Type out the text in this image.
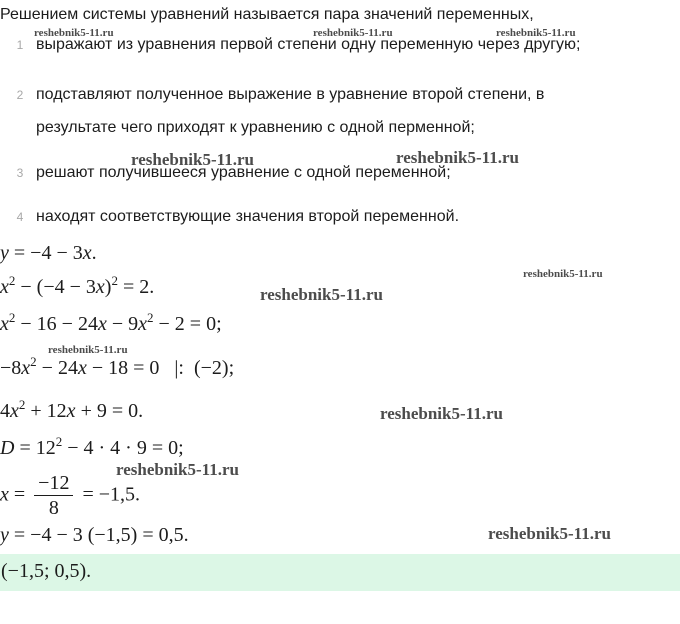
Решением системы уравнений называется пара значений переменных,
1 выражают из уравнения первой степени одну переменную через другую;
2 подставляют полученное выражение в уравнение второй степени, в
результате чего приходят к уравнению с одной перменной;
3 решают получившееся уравнение с одной переменной;
4 находят соответствующие значения второй переменной.
y = −4 − 3x.
$x^2 - (-4 - 3x)^2 = 2$.
$x^2 - 16 - 24x - 9x^2 - 2 = 0$;
$-8x^2 - 24x - 18 = 0$   |:  (−2);
$4x^2 + 12x + 9 = 0$.
$D = 12^2 - 4 \cdot 4 \cdot 9 = 0$;
$x = \frac{-12}{8} = -1,5$.
y = −4 − 3 (−1,5) = 0,5.
(−1,5; 0,5).
reshebnik5-11.ru	reshebnik5-11.ru	reshebnik5-11.ru
reshebnik5-11.ru	reshebnik5-11.ru
reshebnik5-11.ru
reshebnik5-11.ru
reshebnik5-11.ru
reshebnik5-11.ru
reshebnik5-11.ru
reshebnik5-11.ru
